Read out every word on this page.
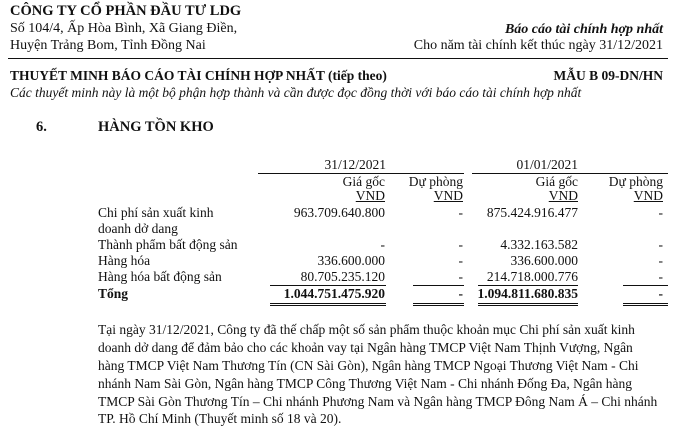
CÔNG TY CỔ PHẦN ĐẦU TƯ LDG
Số 104/4, Ấp Hòa Bình, Xã Giang Điền,
Huyện Trảng Bom, Tỉnh Đồng Nai
Báo cáo tài chính hợp nhất
Cho năm tài chính kết thúc ngày 31/12/2021
THUYẾT MINH BÁO CÁO TÀI CHÍNH HỢP NHẤT (tiếp theo)	MẪU B 09-DN/HN
Các thuyết minh này là một bộ phận hợp thành và cần được đọc đồng thời với báo cáo tài chính hợp nhất
6.	HÀNG TỒN KHO
31/12/2021	01/01/2021
Giá gốc
VND
Dự phòng
VND
Giá gốc
VND
Dự phòng
VND
Chi phí sản xuất kinh
doanh dở dang
963.709.640.800	- 875.424.916.477	-
Thành phẩm bất động sản	-	-	4.332.163.582	-
Hàng hóa	336.600.000	-	336.600.000	-
Hàng hóa bất động sản	80.705.235.120	- 214.718.000.776	-
Tổng	1.044.751.475.920	- 1.094.811.680.835	-
Tại ngày 31/12/2021, Công ty đã thế chấp một số sản phẩm thuộc khoản mục Chi phí sản xuất kinh
doanh dở dang để đảm bảo cho các khoản vay tại Ngân hàng TMCP Việt Nam Thịnh Vượng, Ngân
hàng TMCP Việt Nam Thương Tín (CN Sài Gòn), Ngân hàng TMCP Ngoại Thương Việt Nam - Chi
nhánh Nam Sài Gòn, Ngân hàng TMCP Công Thương Việt Nam - Chi nhánh Đống Đa, Ngân hàng
TMCP Sài Gòn Thương Tín – Chi nhánh Phương Nam và Ngân hàng TMCP Đông Nam Á – Chi nhánh
TP. Hồ Chí Minh (Thuyết minh số 18 và 20).
